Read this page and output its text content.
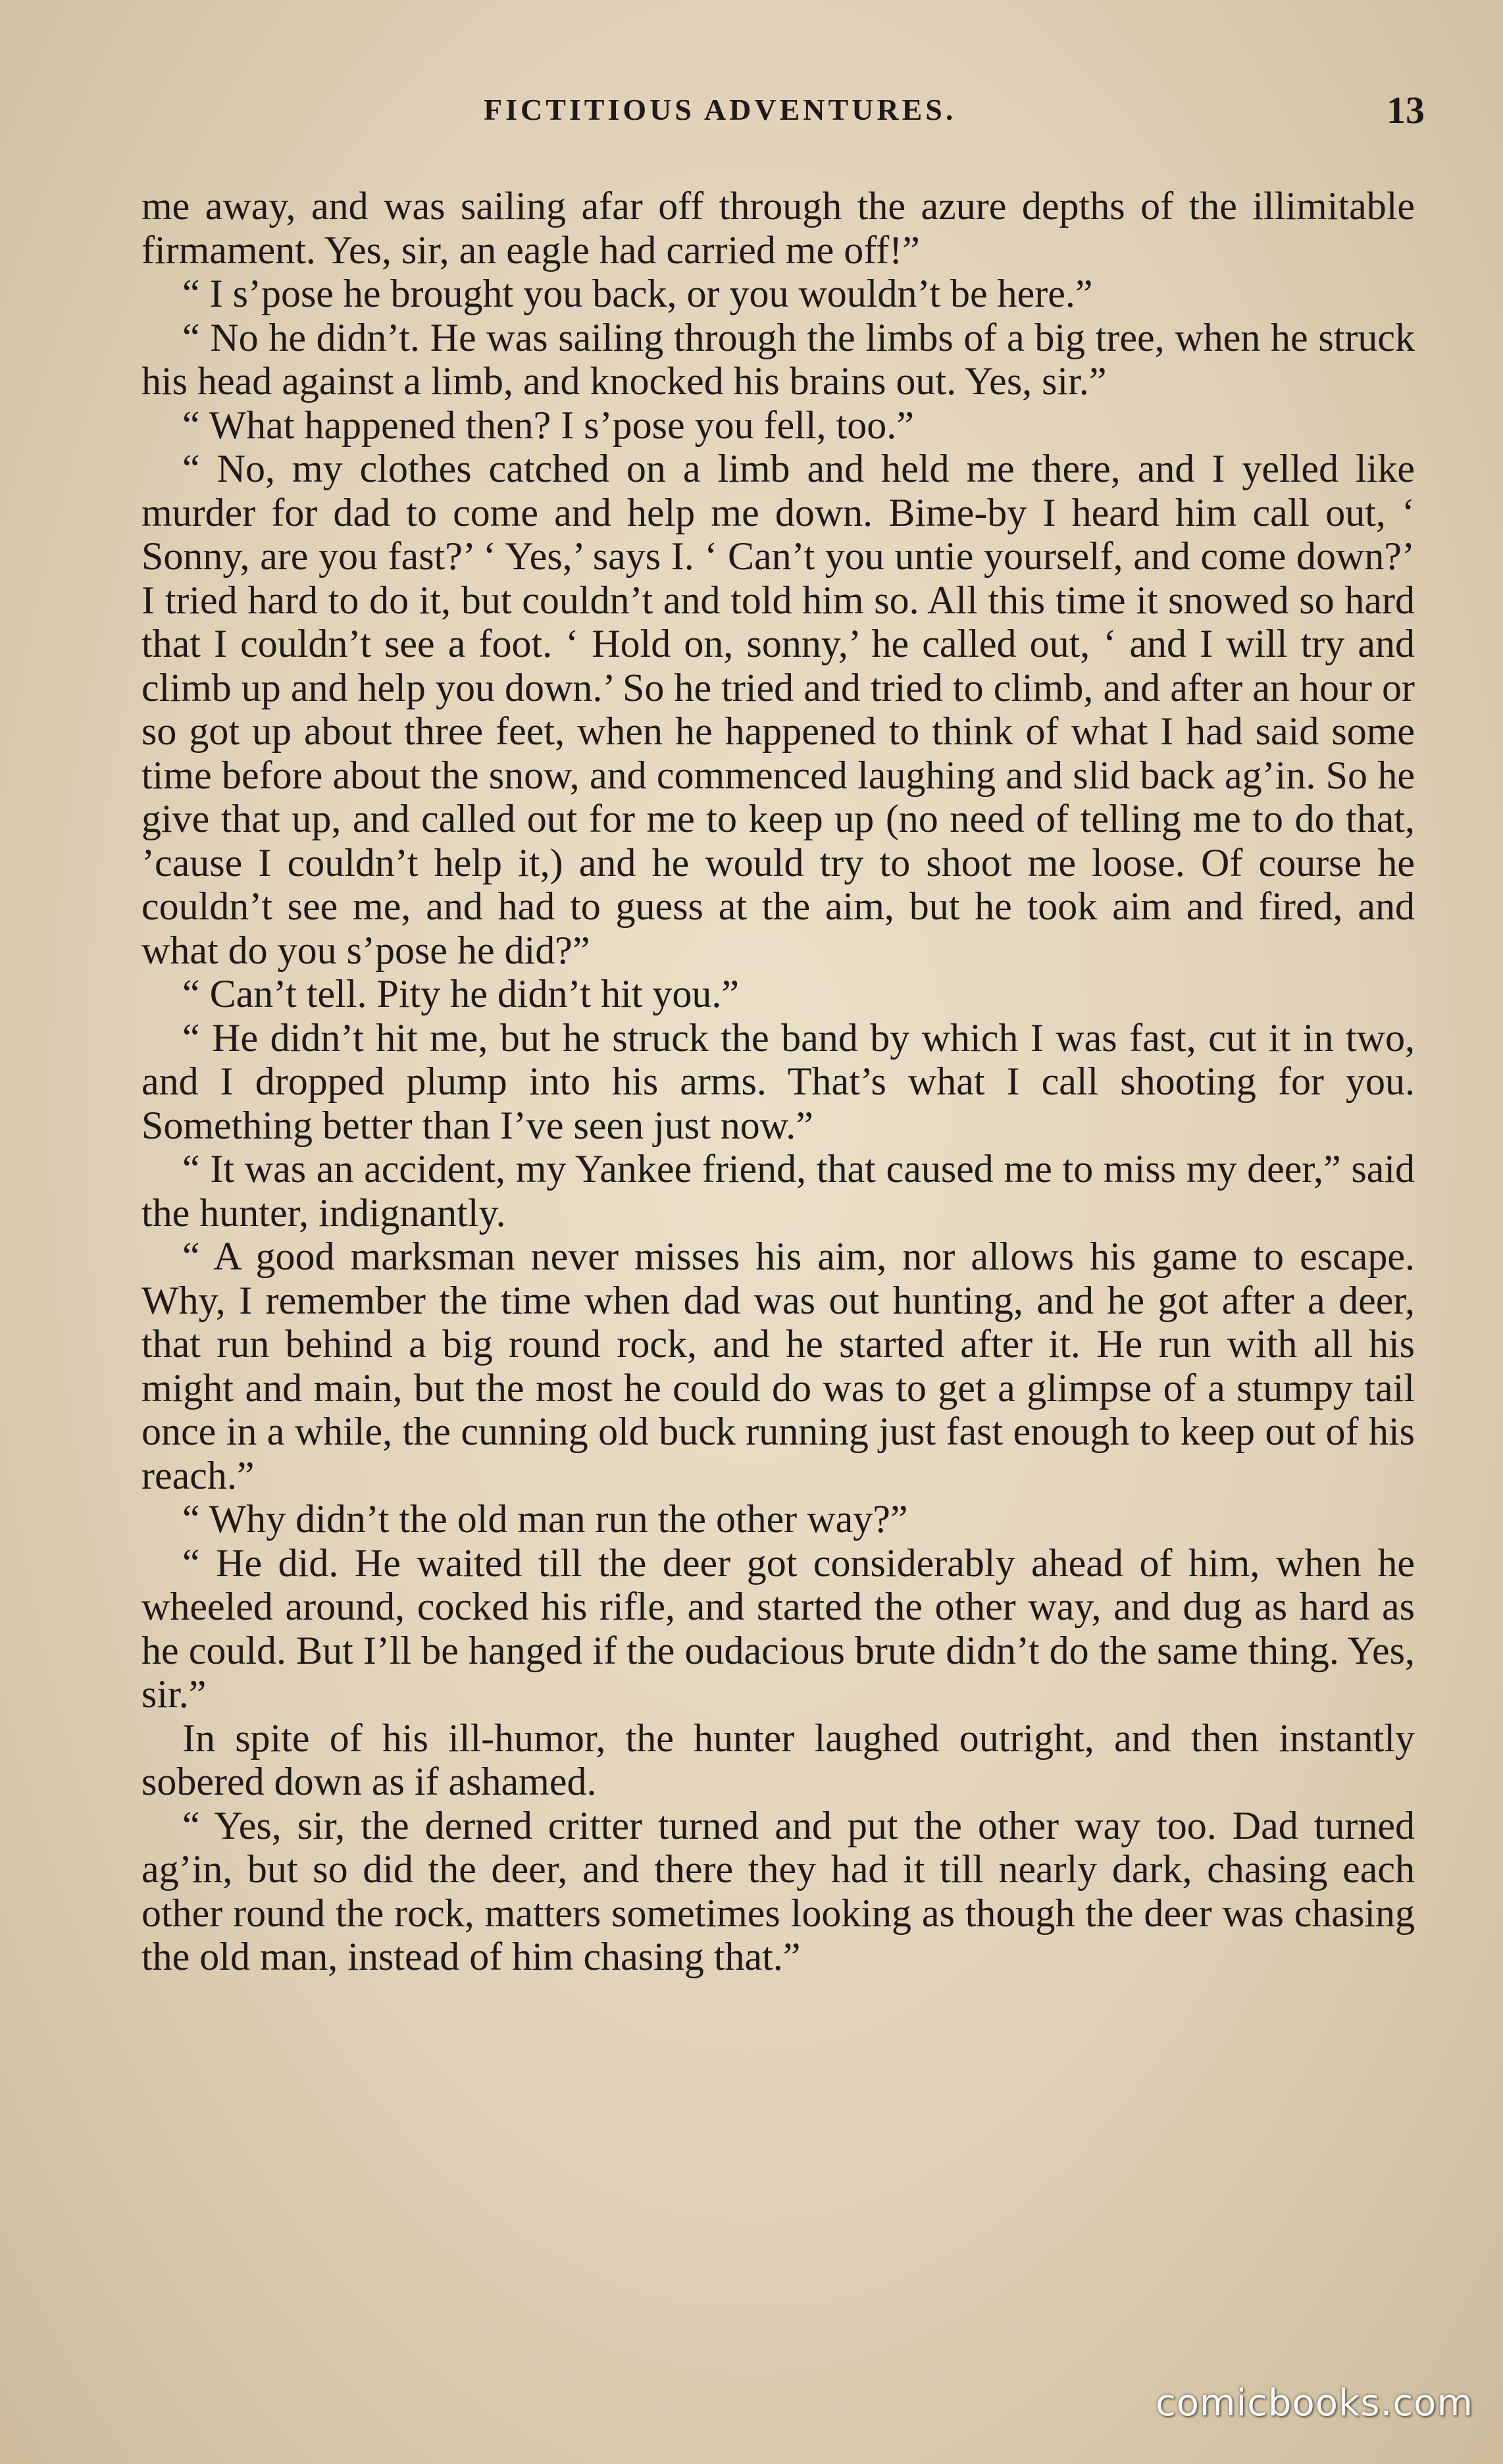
FICTITIOUS ADVENTURES.	13

me away, and was sailing afar off through the azure depths of the illimitable firmament. Yes, sir, an eagle had carried me off!”

“ I s’pose he brought you back, or you wouldn’t be here.”

“ No he didn’t. He was sailing through the limbs of a big tree, when he struck his head against a limb, and knocked his brains out. Yes, sir.”

“ What happened then? I s’pose you fell, too.”

“ No, my clothes catched on a limb and held me there, and I yelled like murder for dad to come and help me down. Bime-by I heard him call out, ‘ Sonny, are you fast?’ ‘ Yes,’ says I. ‘ Can’t you untie yourself, and come down?’ I tried hard to do it, but couldn’t and told him so. All this time it snowed so hard that I couldn’t see a foot. ‘ Hold on, sonny,’ he called out, ‘ and I will try and climb up and help you down.’ So he tried and tried to climb, and after an hour or so got up about three feet, when he happened to think of what I had said some time before about the snow, and commenced laughing and slid back ag’in. So he give that up, and called out for me to keep up (no need of telling me to do that, ’cause I couldn’t help it,) and he would try to shoot me loose. Of course he couldn’t see me, and had to guess at the aim, but he took aim and fired, and what do you s’pose he did?”

“ Can’t tell. Pity he didn’t hit you.”

“ He didn’t hit me, but he struck the band by which I was fast, cut it in two, and I dropped plump into his arms. That’s what I call shooting for you. Something better than I’ve seen just now.”

“ It was an accident, my Yankee friend, that caused me to miss my deer,” said the hunter, indignantly.

“ A good marksman never misses his aim, nor allows his game to escape. Why, I remember the time when dad was out hunting, and he got after a deer, that run behind a big round rock, and he started after it. He run with all his might and main, but the most he could do was to get a glimpse of a stumpy tail once in a while, the cunning old buck running just fast enough to keep out of his reach.”

“ Why didn’t the old man run the other way?”

“ He did. He waited till the deer got considerably ahead of him, when he wheeled around, cocked his rifle, and started the other way, and dug as hard as he could. But I’ll be hanged if the oudacious brute didn’t do the same thing. Yes, sir.”

In spite of his ill-humor, the hunter laughed outright, and then instantly sobered down as if ashamed.

“ Yes, sir, the derned critter turned and put the other way too. Dad turned ag’in, but so did the deer, and there they had it till nearly dark, chasing each other round the rock, matters sometimes looking as though the deer was chasing the old man, instead of him chasing that.”

comicbooks.com
